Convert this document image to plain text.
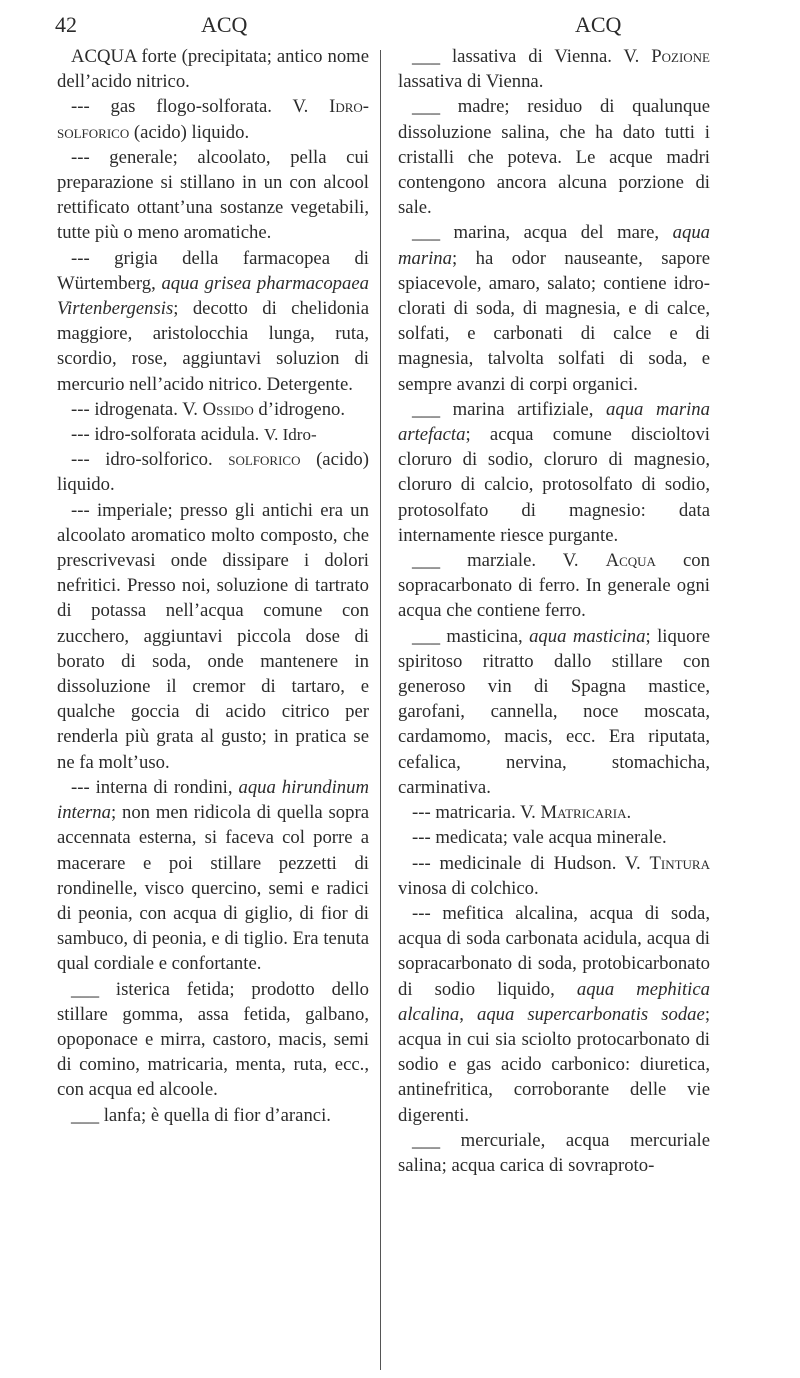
42	ACQ	ACQ

ACQUA forte (precipitata; antico nome dell’acido nitrico.

--- gas flogo-solforata. V. Idro-solforico (acido) liquido.

--- generale; alcoolato, pella cui preparazione si stillano in un con alcool rettificato ottant’una sostanze vegetabili, tutte più o meno aromatiche.

--- grigia della farmacopea di Würtemberg, aqua grisea pharmacopaea Virtenbergensis; decotto di chelidonia maggiore, aristolocchia lunga, ruta, scordio, rose, aggiuntavi soluzion di mercurio nell’acido nitrico. Detergente.

--- idrogenata. V. Ossido d’idrogeno.

--- idro-solforata acidula. V. Idro-

--- idro-solforico. solforico (acido) liquido.

--- imperiale; presso gli antichi era un alcoolato aromatico molto composto, che prescrivevasi onde dissipare i dolori nefritici. Presso noi, soluzione di tartrato di potassa nell’acqua comune con zucchero, aggiuntavi piccola dose di borato di soda, onde mantenere in dissoluzione il cremor di tartaro, e qualche goccia di acido citrico per renderla più grata al gusto; in pratica se ne fa molt’uso.

--- interna di rondini, aqua hirundinum interna; non men ridicola di quella sopra accennata esterna, si faceva col porre a macerare e poi stillare pezzetti di rondinelle, visco quercino, semi e radici di peonia, con acqua di giglio, di fior di sambuco, di peonia, e di tiglio. Era tenuta qual cordiale e confortante.

___ isterica fetida; prodotto dello stillare gomma, assa fetida, galbano, opoponace e mirra, castoro, macis, semi di comino, matricaria, menta, ruta, ecc., con acqua ed alcoole.

___ lanfa; è quella di fior d’aranci.

___ lassativa di Vienna. V. Pozione lassativa di Vienna.

___ madre; residuo di qualunque dissoluzione salina, che ha dato tutti i cristalli che poteva. Le acque madri contengono ancora alcuna porzione di sale.

___ marina, acqua del mare, aqua marina; ha odor nauseante, sapore spiacevole, amaro, salato; contiene idro-clorati di soda, di magnesia, e di calce, solfati, e carbonati di calce e di magnesia, talvolta solfati di soda, e sempre avanzi di corpi organici.

___ marina artifiziale, aqua marina artefacta; acqua comune discioltovi cloruro di sodio, cloruro di magnesio, cloruro di calcio, protosolfato di sodio, protosolfato di magnesio: data internamente riesce purgante.

___ marziale. V. Acqua con sopracarbonato di ferro. In generale ogni acqua che contiene ferro.

___ masticina, aqua masticina; liquore spiritoso ritratto dallo stillare con generoso vin di Spagna mastice, garofani, cannella, noce moscata, cardamomo, macis, ecc. Era riputata, cefalica, nervina, stomachicha, carminativa.

--- matricaria. V. Matricaria.

--- medicata; vale acqua minerale.

--- medicinale di Hudson. V. Tintura vinosa di colchico.

--- mefitica alcalina, acqua di soda, acqua di soda carbonata acidula, acqua di sopracarbonato di soda, protobicarbonato di sodio liquido, aqua mephitica alcalina, aqua supercarbonatis sodae; acqua in cui sia sciolto protocarbonato di sodio e gas acido carbonico: diuretica, antinefritica, corroborante delle vie digerenti.

___ mercuriale, acqua mercuriale salina; acqua carica di sovraproto-
